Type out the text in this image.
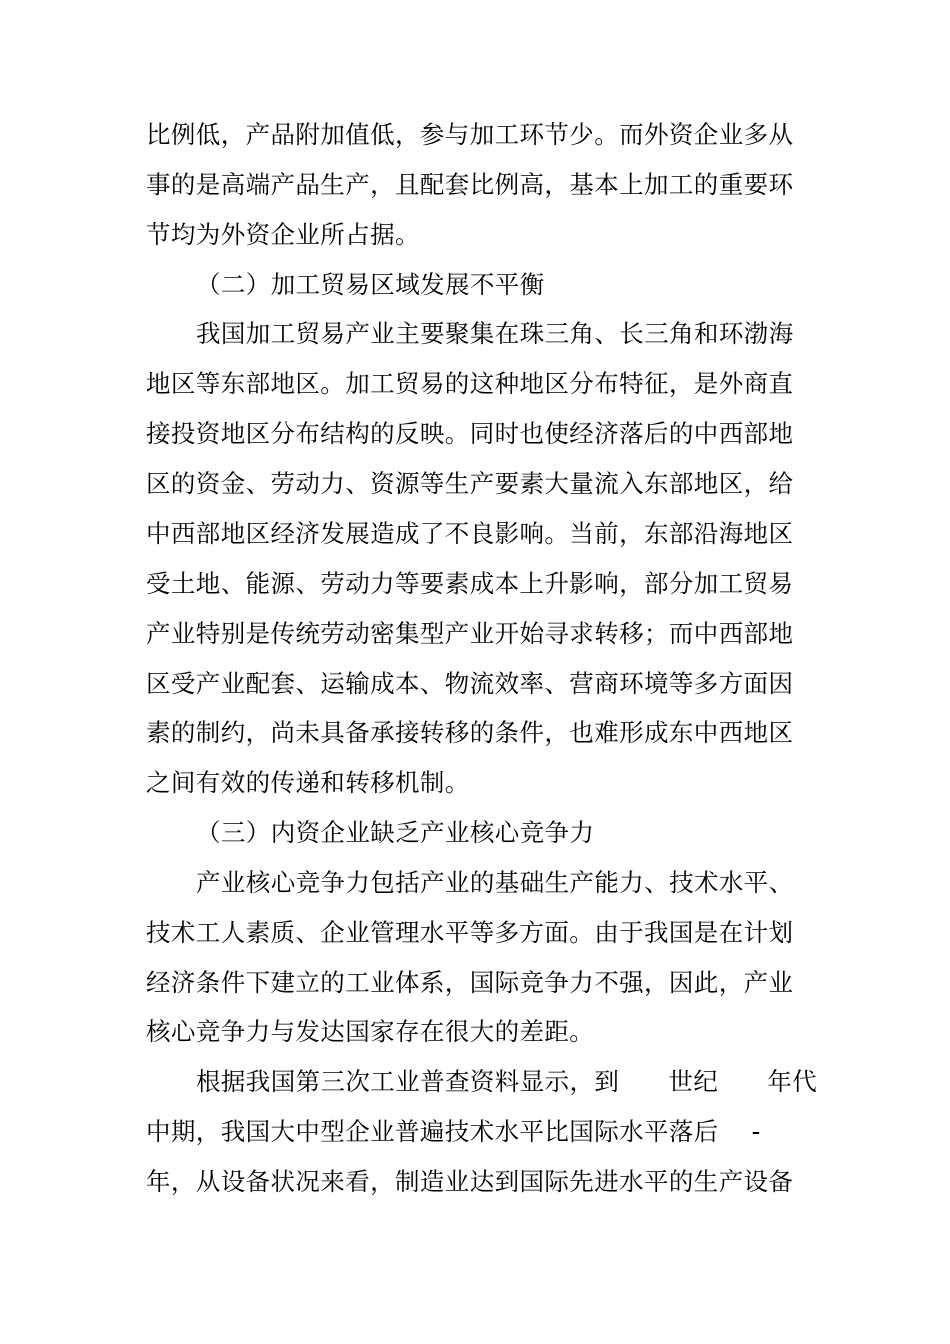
比例低，产品附加值低，参与加工环节少。而外资企业多从
事的是高端产品生产，且配套比例高，基本上加工的重要环
节均为外资企业所占据。
（二）加工贸易区域发展不平衡
我国加工贸易产业主要聚集在珠三角、长三角和环渤海
地区等东部地区。加工贸易的这种地区分布特征，是外商直
接投资地区分布结构的反映。同时也使经济落后的中西部地
区的资金、劳动力、资源等生产要素大量流入东部地区，给
中西部地区经济发展造成了不良影响。当前，东部沿海地区
受土地、能源、劳动力等要素成本上升影响，部分加工贸易
产业特别是传统劳动密集型产业开始寻求转移；而中西部地
区受产业配套、运输成本、物流效率、营商环境等多方面因
素的制约，尚未具备承接转移的条件，也难形成东中西地区
之间有效的传递和转移机制。
（三）内资企业缺乏产业核心竞争力
产业核心竞争力包括产业的基础生产能力、技术水平、
技术工人素质、企业管理水平等多方面。由于我国是在计划
经济条件下建立的工业体系，国际竞争力不强，因此，产业
核心竞争力与发达国家存在很大的差距。
根据我国第三次工业普查资料显示，到      世纪      年代
中期，我国大中型企业普遍技术水平比国际水平落后    -
年，从设备状况来看，制造业达到国际先进水平的生产设备
